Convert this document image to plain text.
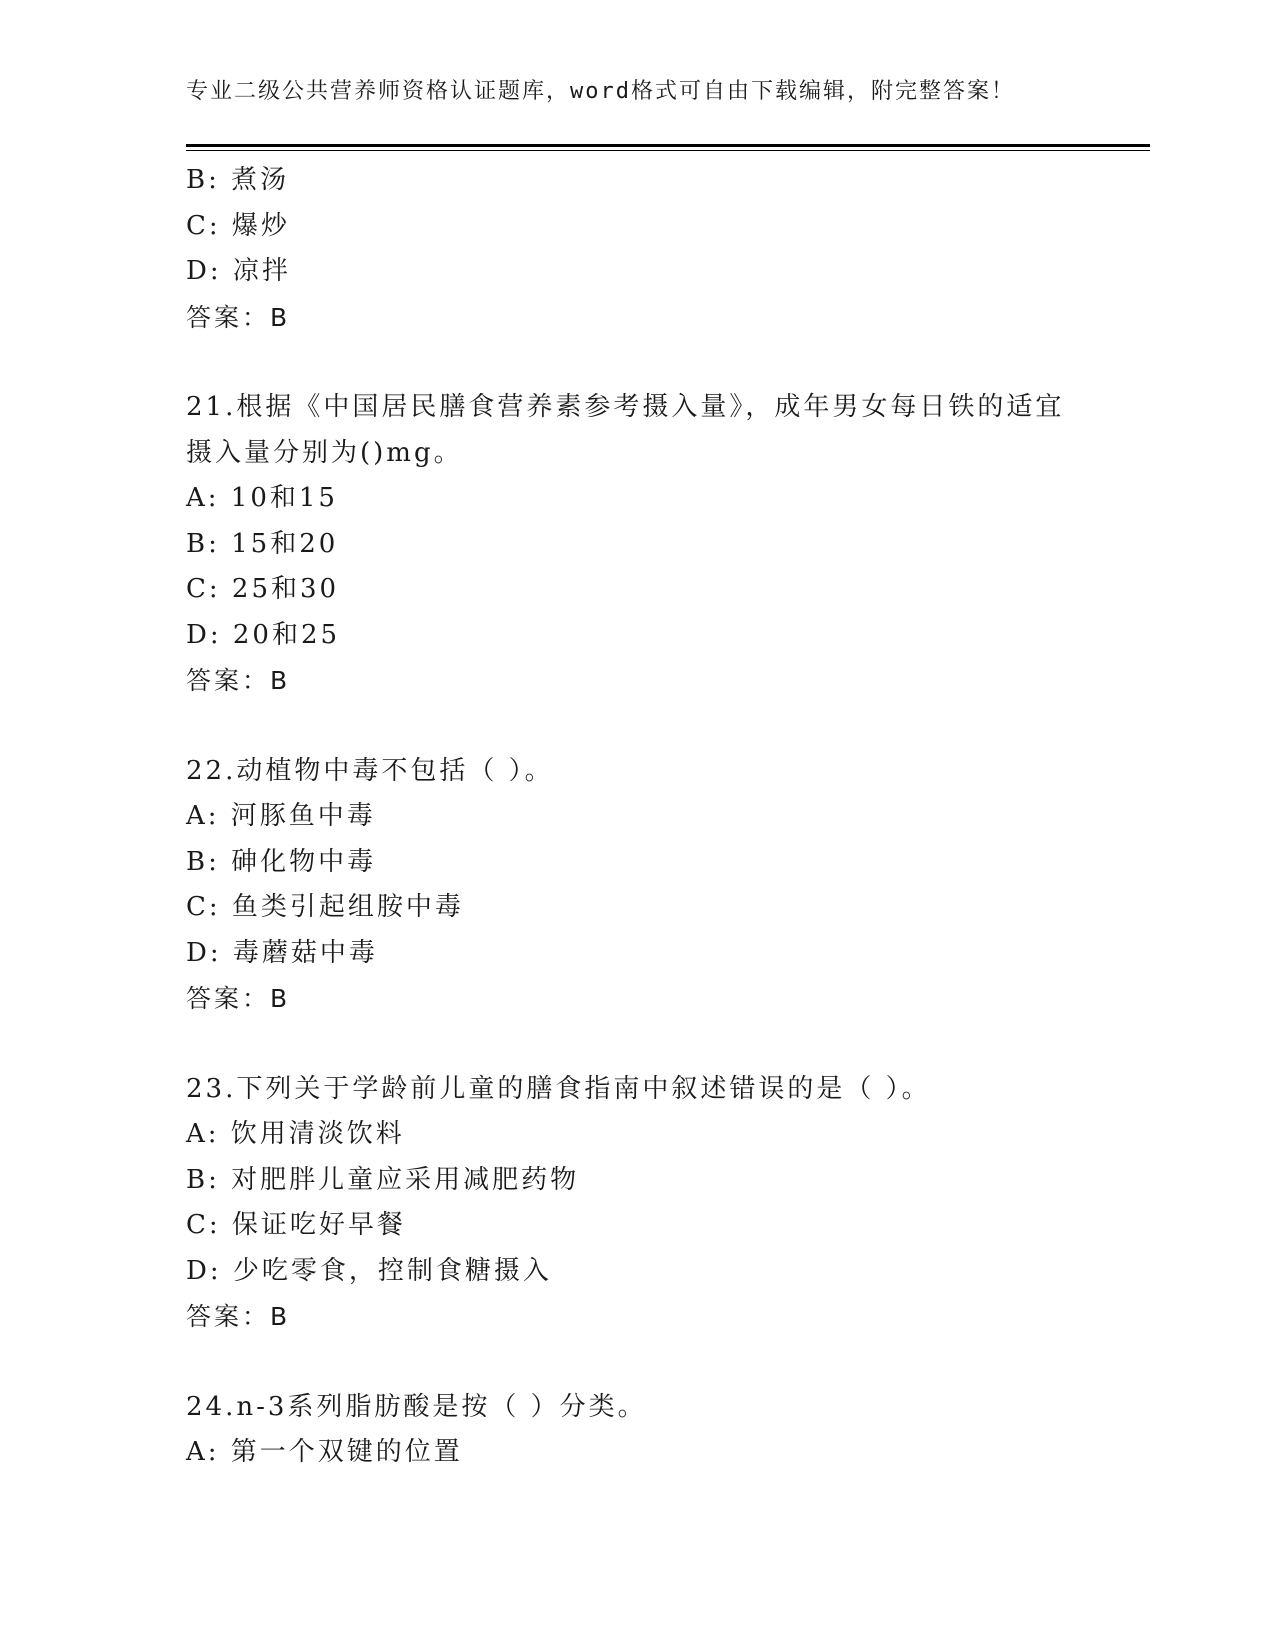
专业二级公共营养师资格认证题库，word格式可自由下载编辑，附完整答案！
B: 煮汤
C: 爆炒
D: 凉拌
答案：B
21.根据《中国居民膳食营养素参考摄入量》，成年男女每日铁的适宜
摄入量分别为()mg。
A: 10和15
B: 15和20
C: 25和30
D: 20和25
答案：B
22.动植物中毒不包括（ ）。
A: 河豚鱼中毒
B: 砷化物中毒
C: 鱼类引起组胺中毒
D: 毒蘑菇中毒
答案：B
23.下列关于学龄前儿童的膳食指南中叙述错误的是（ ）。
A: 饮用清淡饮料
B: 对肥胖儿童应采用减肥药物
C: 保证吃好早餐
D: 少吃零食，控制食糖摄入
答案：B
24.n-3系列脂肪酸是按（ ）分类。
A: 第一个双键的位置
